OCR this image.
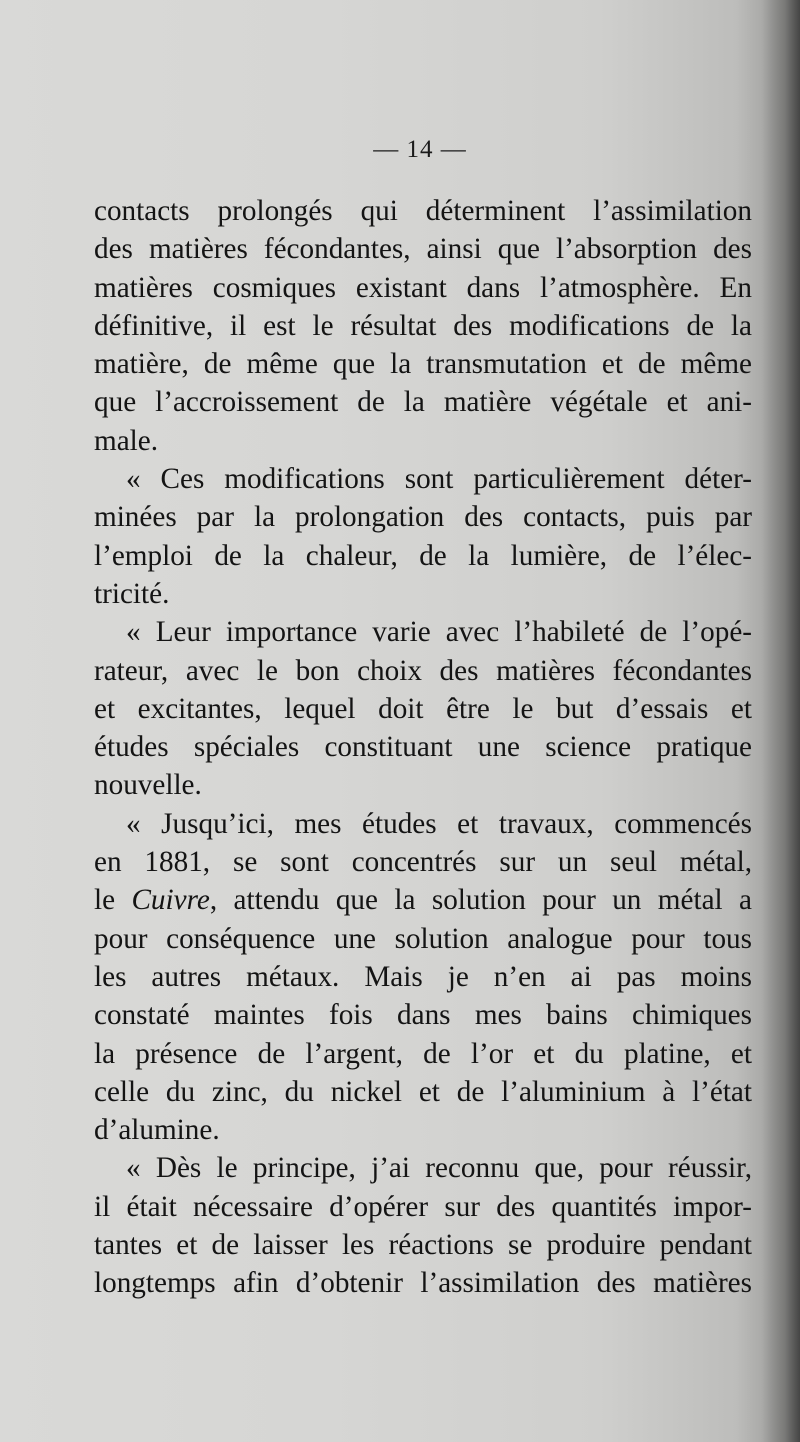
— 14 —
contacts prolongés qui déterminent l’assimilation
des matières fécondantes, ainsi que l’absorption des
matières cosmiques existant dans l’atmosphère. En
définitive, il est le résultat des modifications de la
matière, de même que la transmutation et de même
que l’accroissement de la matière végétale et ani-
male.
« Ces modifications sont particulièrement déter-
minées par la prolongation des contacts, puis par
l’emploi de la chaleur, de la lumière, de l’élec-
tricité.
« Leur importance varie avec l’habileté de l’opé-
rateur, avec le bon choix des matières fécondantes
et excitantes, lequel doit être le but d’essais et
études spéciales constituant une science pratique
nouvelle.
« Jusqu’ici, mes études et travaux, commencés
en 1881, se sont concentrés sur un seul métal,
le Cuivre, attendu que la solution pour un métal a
pour conséquence une solution analogue pour tous
les autres métaux. Mais je n’en ai pas moins
constaté maintes fois dans mes bains chimiques
la présence de l’argent, de l’or et du platine, et
celle du zinc, du nickel et de l’aluminium à l’état
d’alumine.
« Dès le principe, j’ai reconnu que, pour réussir,
il était nécessaire d’opérer sur des quantités impor-
tantes et de laisser les réactions se produire pendant
longtemps afin d’obtenir l’assimilation des matières
